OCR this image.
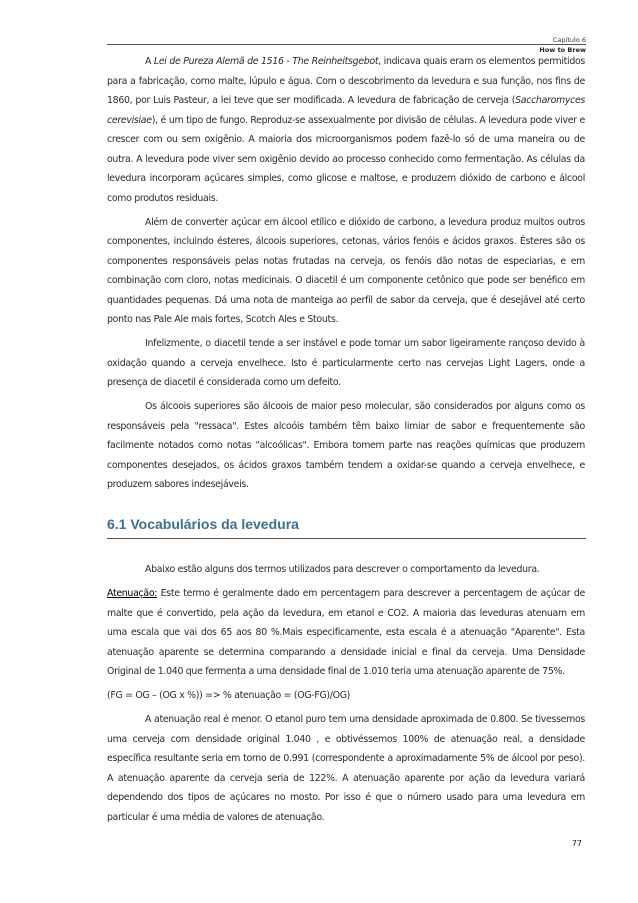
Capítulo 6
How to Brew

A Lei de Pureza Alemã de 1516 - The Reinheitsgebot, indicava quais eram os elementos permitidos para a fabricação, como malte, lúpulo e água. Com o descobrimento da levedura e sua função, nos fins de 1860, por Luis Pasteur, a lei teve que ser modificada. A levedura de fabricação de cerveja (Saccharomyces cerevisiae), é um tipo de fungo. Reproduz-se assexualmente por divisão de células. A levedura pode viver e crescer com ou sem oxigênio. A maioria dos microorganismos podem fazê-lo só de uma maneira ou de outra. A levedura pode viver sem oxigênio devido ao processo conhecido como fermentação. As células da levedura incorporam açúcares simples, como glicose e maltose, e produzem dióxido de carbono e álcool como produtos residuais.

Além de converter açúcar em álcool etílico e dióxido de carbono, a levedura produz muitos outros componentes, incluindo ésteres, álcoois superiores, cetonas, vários fenóis e ácidos graxos. Ésteres são os componentes responsáveis pelas notas frutadas na cerveja, os fenóis dão notas de especiarias, e em combinação com cloro, notas medicinais. O diacetil é um componente cetônico que pode ser benéfico em quantidades pequenas. Dá uma nota de manteiga ao perfil de sabor da cerveja, que é desejável até certo ponto nas Pale Ale mais fortes, Scotch Ales e Stouts.

Infelizmente, o diacetil tende a ser instável e pode tomar um sabor ligeiramente rançoso devido à oxidação quando a cerveja envelhece. Isto é particularmente certo nas cervejas Light Lagers, onde a presença de diacetil é considerada como um defeito.

Os álcoois superiores são álcoois de maior peso molecular, são considerados por alguns como os responsáveis pela "ressaca". Estes alcoóis também têm baixo limiar de sabor e frequentemente são facilmente notados como notas "alcoólicas". Embora tomem parte nas reações químicas que produzem componentes desejados, os ácidos graxos também tendem a oxidar-se quando a cerveja envelhece, e produzem sabores indesejáveis.

6.1 Vocabulários da levedura

Abaixo estão alguns dos termos utilizados para descrever o comportamento da levedura.

Atenuação: Este termo é geralmente dado em percentagem para descrever a percentagem de açúcar de malte que é convertido, pela ação da levedura, em etanol e CO2. A maioria das leveduras atenuam em uma escala que vai dos 65 aos 80 %.Mais especificamente, esta escala é a atenuação "Aparente". Esta atenuação aparente se determina comparando a densidade inicial e final da cerveja. Uma Densidade Original de 1.040 que fermenta a uma densidade final de 1.010 teria uma atenuação aparente de 75%.

(FG = OG – (OG x %)) => % atenuação = (OG-FG)/OG)

A atenuação real é menor. O etanol puro tem uma densidade aproximada de 0.800. Se tivessemos uma cerveja com densidade original 1.040 , e obtivéssemos 100% de atenuação real, a densidade específica resultante seria em torno de 0.991 (correspondente a aproximadamente 5% de álcool por peso). A atenuação aparente da cerveja seria de 122%. A atenuação aparente por ação da levedura variará dependendo dos tipos de açúcares no mosto. Por isso é que o número usado para uma levedura em particular é uma média de valores de atenuação.

77
